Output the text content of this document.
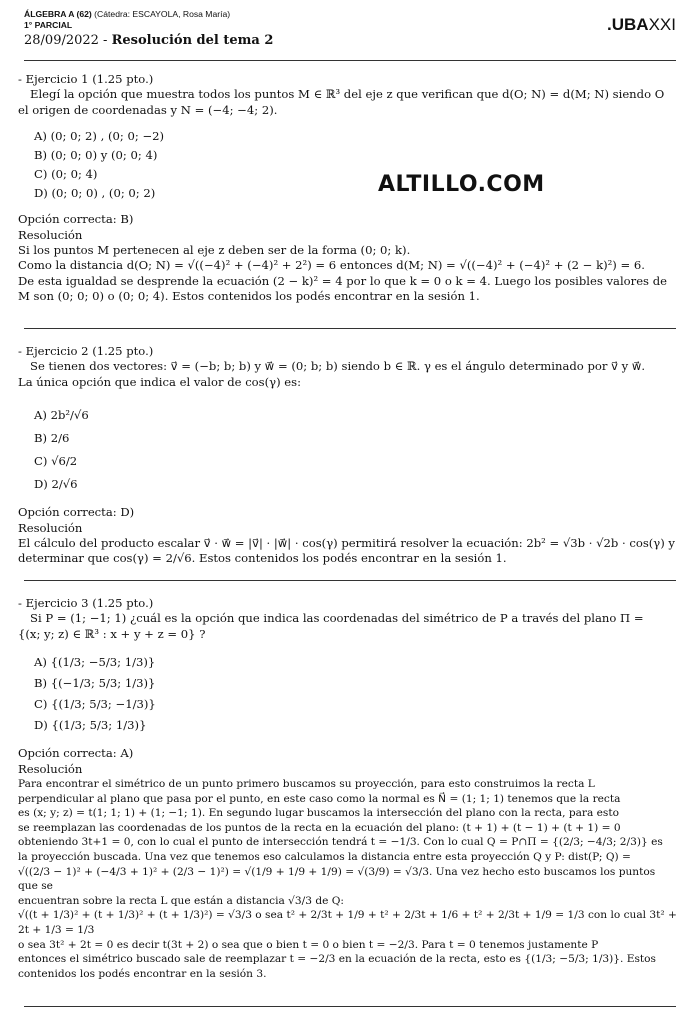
ÁLGEBRA A (62) (Cátedra: ESCAYOLA, Rosa María)
1° PARCIAL
28/09/2022 - Resolución del tema 2
.UBAXXI
ALTILLO.COM

- Ejercicio 1 (1.25 pto.)

Elegí la opción que muestra todos los puntos M ∈ ℝ³ del eje z que verifican que d(O; N) = d(M; N) siendo O

el origen de coordenadas y N = (−4; −4; 2).

A) (0; 0; 2) , (0; 0; −2)
B) (0; 0; 0) y (0; 0; 4)
C) (0; 0; 4)
D) (0; 0; 0) , (0; 0; 2)

Opción correcta: B)

Resolución

Si los puntos M pertenecen al eje z deben ser de la forma (0; 0; k).

Como la distancia d(O; N) = √((−4)² + (−4)² + 2²) = 6 entonces d(M; N) = √((−4)² + (−4)² + (2 − k)²) = 6.

De esta igualdad se desprende la ecuación (2 − k)² = 4 por lo que k = 0 o k = 4. Luego los posibles valores de

M son (0; 0; 0) o (0; 0; 4). Estos contenidos los podés encontrar en la sesión 1.

- Ejercicio 2 (1.25 pto.)

Se tienen dos vectores: v⃗ = (−b; b; b) y w⃗ = (0; b; b) siendo b ∈ ℝ. γ es el ángulo determinado por v⃗ y w⃗.

La única opción que indica el valor de cos(γ) es:

A) 2b²/√6
B) 2/6
C) √6/2
D) 2/√6

Opción correcta: D)

Resolución

El cálculo del producto escalar v⃗ · w⃗ = |v⃗| · |w⃗| · cos(γ) permitirá resolver la ecuación: 2b² = √3b · √2b · cos(γ) y

determinar que cos(γ) = 2/√6. Estos contenidos los podés encontrar en la sesión 1.

- Ejercicio 3 (1.25 pto.)

Si P = (1; −1; 1) ¿cuál es la opción que indica las coordenadas del simétrico de P a través del plano Π =

{(x; y; z) ∈ ℝ³ : x + y + z = 0} ?

A) {(1/3; −5/3; 1/3)}
B) {(−1/3; 5/3; 1/3)}
C) {(1/3; 5/3; −1/3)}
D) {(1/3; 5/3; 1/3)}

Opción correcta: A)

Resolución

Para encontrar el simétrico de un punto primero buscamos su proyección, para esto construimos la recta L

perpendicular al plano que pasa por el punto, en este caso como la normal es N⃗ = (1; 1; 1) tenemos que la recta

es (x; y; z) = t(1; 1; 1) + (1; −1; 1). En segundo lugar buscamos la intersección del plano con la recta, para esto

se reemplazan las coordenadas de los puntos de la recta en la ecuación del plano: (t + 1) + (t − 1) + (t + 1) = 0

obteniendo 3t+1 = 0, con lo cual el punto de intersección tendrá t = −1/3. Con lo cual Q = P∩Π = {(2/3; −4/3; 2/3)} es

la proyección buscada. Una vez que tenemos eso calculamos la distancia entre esta proyección Q y P: dist(P; Q) =

√((2/3 − 1)² + (−4/3 + 1)² + (2/3 − 1)²) = √(1/9 + 1/9 + 1/9) = √(3/9) = √3/3. Una vez hecho esto buscamos los puntos que se

encuentran sobre la recta L que están a distancia √3/3 de Q:

√((t + 1/3)² + (t + 1/3)² + (t + 1/3)²) = √3/3 o sea t² + 2/3t + 1/9 + t² + 2/3t + 1/6 + t² + 2/3t + 1/9 = 1/3 con lo cual 3t² + 2t + 1/3 = 1/3

o sea 3t² + 2t = 0 es decir t(3t + 2) o sea que o bien t = 0 o bien t = −2/3. Para t = 0 tenemos justamente P

entonces el simétrico buscado sale de reemplazar t = −2/3 en la ecuación de la recta, esto es {(1/3; −5/3; 1/3)}. Estos

contenidos los podés encontrar en la sesión 3.
